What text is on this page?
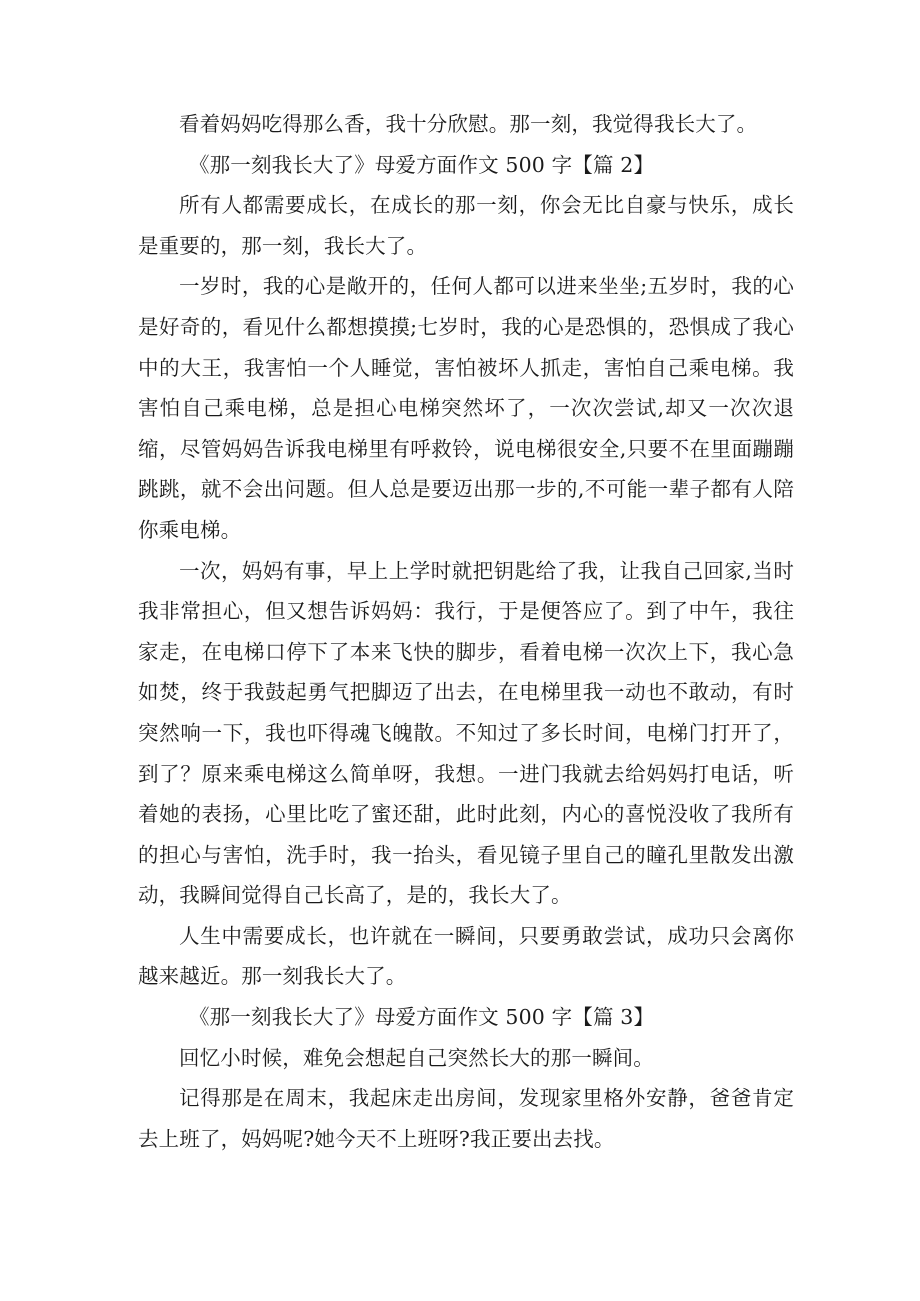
看着妈妈吃得那么香，我十分欣慰。那一刻，我觉得我长大了。

《那一刻我长大了》母爱方面作文 500 字【篇 2】

所有人都需要成长，在成长的那一刻，你会无比自豪与快乐，成长是重要的，那一刻，我长大了。

一岁时，我的心是敞开的，任何人都可以进来坐坐;五岁时，我的心是好奇的，看见什么都想摸摸;七岁时，我的心是恐惧的，恐惧成了我心中的大王，我害怕一个人睡觉，害怕被坏人抓走，害怕自己乘电梯。我害怕自己乘电梯，总是担心电梯突然坏了，一次次尝试,却又一次次退缩，尽管妈妈告诉我电梯里有呼救铃，说电梯很安全,只要不在里面蹦蹦跳跳，就不会出问题。但人总是要迈出那一步的,不可能一辈子都有人陪你乘电梯。

一次，妈妈有事，早上上学时就把钥匙给了我，让我自己回家,当时我非常担心，但又想告诉妈妈：我行，于是便答应了。到了中午，我往家走，在电梯口停下了本来飞快的脚步，看着电梯一次次上下，我心急如焚，终于我鼓起勇气把脚迈了出去，在电梯里我一动也不敢动，有时突然响一下，我也吓得魂飞魄散。不知过了多长时间，电梯门打开了，到了？原来乘电梯这么简单呀，我想。一进门我就去给妈妈打电话，听着她的表扬，心里比吃了蜜还甜，此时此刻，内心的喜悦没收了我所有的担心与害怕，洗手时，我一抬头，看见镜子里自己的瞳孔里散发出激动，我瞬间觉得自己长高了，是的，我长大了。

人生中需要成长，也许就在一瞬间，只要勇敢尝试，成功只会离你越来越近。那一刻我长大了。

《那一刻我长大了》母爱方面作文 500 字【篇 3】

回忆小时候，难免会想起自己突然长大的那一瞬间。

记得那是在周末，我起床走出房间，发现家里格外安静，爸爸肯定去上班了，妈妈呢?她今天不上班呀?我正要出去找。
